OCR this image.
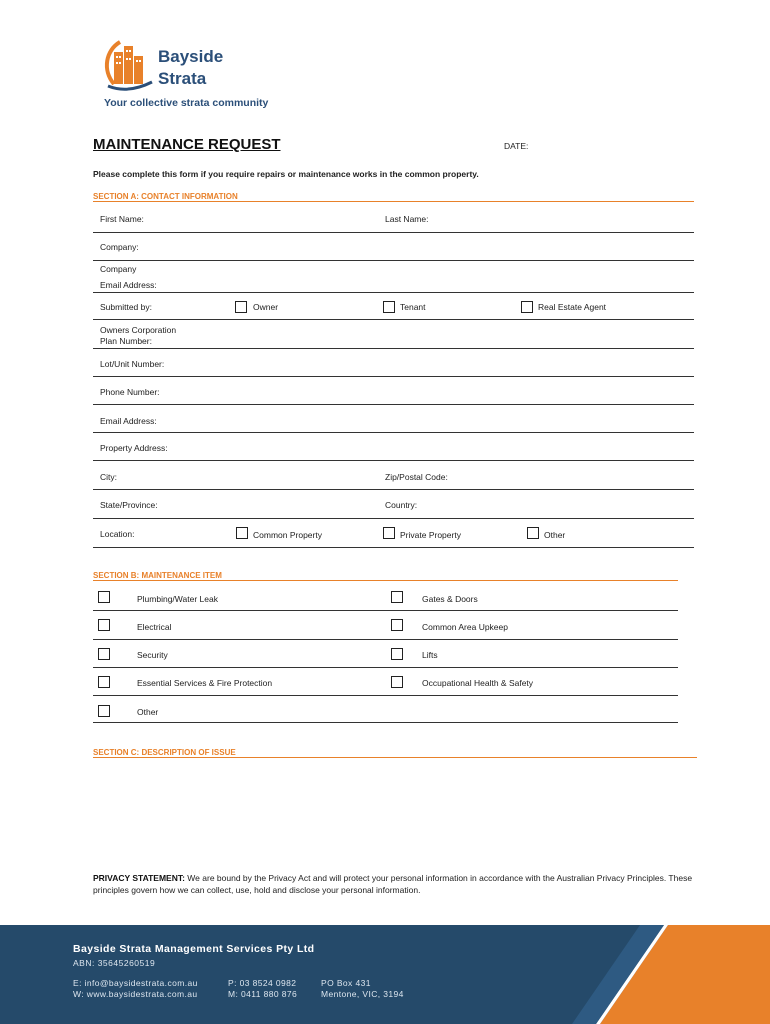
Bayside
Strata
Your collective strata community
MAINTENANCE REQUEST	DATE:
Please complete this form if you require repairs or maintenance works in the common property.
SECTION A: CONTACT INFORMATION
First Name:	Last Name:
Company:
Company
Email Address:
Submitted by:	Owner	Tenant	Real Estate Agent
Owners Corporation
Plan Number:
Lot/Unit Number:
Phone Number:
Email Address:
Property Address:
City:	Zip/Postal Code:
State/Province:	Country:
Location:	Common Property	Private Property	Other
SECTION B: MAINTENANCE ITEM
Plumbing/Water Leak	Gates & Doors
Electrical	Common Area Upkeep
Security	Lifts
Essential Services & Fire Protection	Occupational Health & Safety
Other
SECTION C: DESCRIPTION OF ISSUE
PRIVACY STATEMENT: We are bound by the Privacy Act and will protect your personal information in accordance with the Australian Privacy Principles. These principles govern how we can collect, use, hold and disclose your personal information.
Bayside Strata Management Services Pty Ltd
ABN: 35645260519
E: info@baysidestrata.com.au
W: www.baysidestrata.com.au
P: 03 8524 0982
M: 0411 880 876
PO Box 431
Mentone, VIC, 3194
